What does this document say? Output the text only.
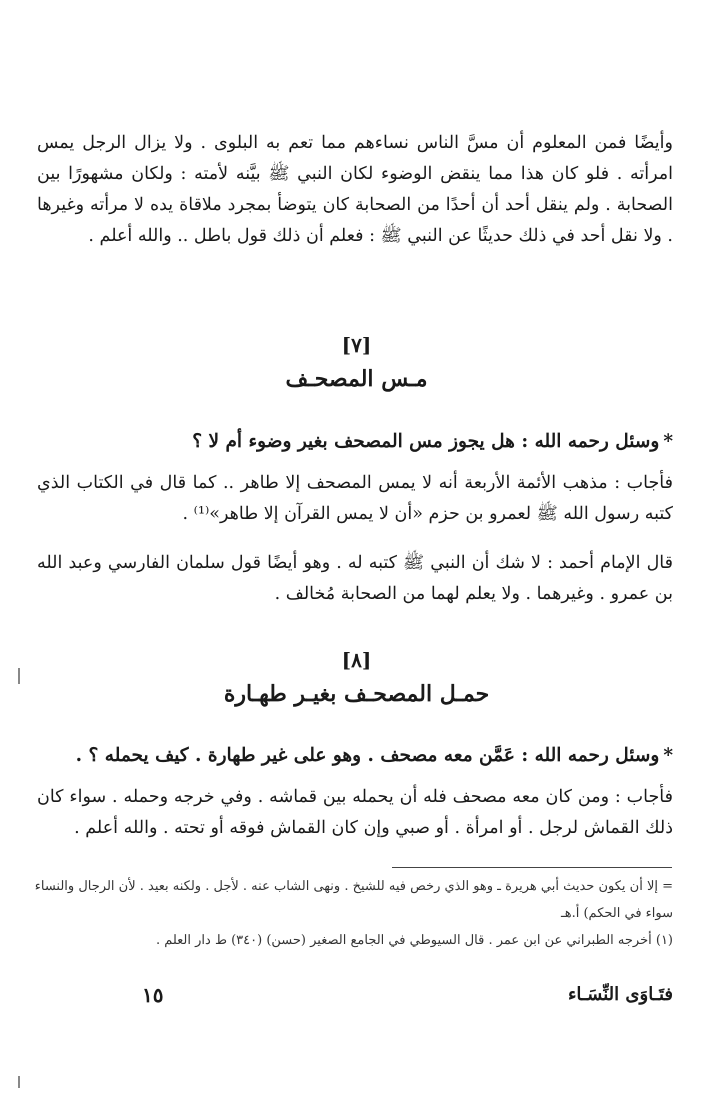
وأيضًا فمن المعلوم أن مسَّ الناس نساءهم مما تعم به البلوى . ولا يزال الرجل يمس امرأته . فلو كان هذا مما ينقض الوضوء لكان النبي ﷺ بيَّنه لأمته : ولكان مشهورًا بين الصحابة . ولم ينقل أحد أن أحدًا من الصحابة كان يتوضأ بمجرد ملاقاة يده لا مرأته وغيرها . ولا نقل أحد في ذلك حديثًا عن النبي ﷺ : فعلم أن ذلك قول باطل .. والله أعلم .

[٧]
مـس المصحـف

*وسئل رحمه الله : هل يجوز مس المصحف بغير وضوء أم لا ؟

فأجاب : مذهب الأئمة الأربعة أنه لا يمس المصحف إلا طاهر .. كما قال في الكتاب الذي كتبه رسول الله ﷺ لعمرو بن حزم «أن لا يمس القرآن إلا طاهر»⁽¹⁾ .

قال الإمام أحمد : لا شك أن النبي ﷺ كتبه له . وهو أيضًا قول سلمان الفارسي وعبد الله بن عمرو . وغيرهما . ولا يعلم لهما من الصحابة مُخالف .

[٨]
حمـل المصحـف بغيـر طهـارة

*وسئل رحمه الله : عَمَّن معه مصحف . وهو على غير طهارة . كيف يحمله ؟ .

فأجاب : ومن كان معه مصحف فله أن يحمله بين قماشه . وفي خرجه وحمله . سواء كان ذلك القماش لرجل . أو امرأة . أو صبي وإن كان القماش فوقه أو تحته . والله أعلم .

= إلا أن يكون حديث أبي هريرة ـ وهو الذي رخص فيه للشيخ . ونهى الشاب عنه . لأجل . ولكنه بعيد . لأن الرجال والنساء سواء في الحكم) أ.هـ

(١) أخرجه الطبراني عن ابن عمر . قال السيوطي في الجامع الصغير (حسن) (٣٤٠) ط دار العلم .

١٥	فتَـاوَى النِّسَـاء
